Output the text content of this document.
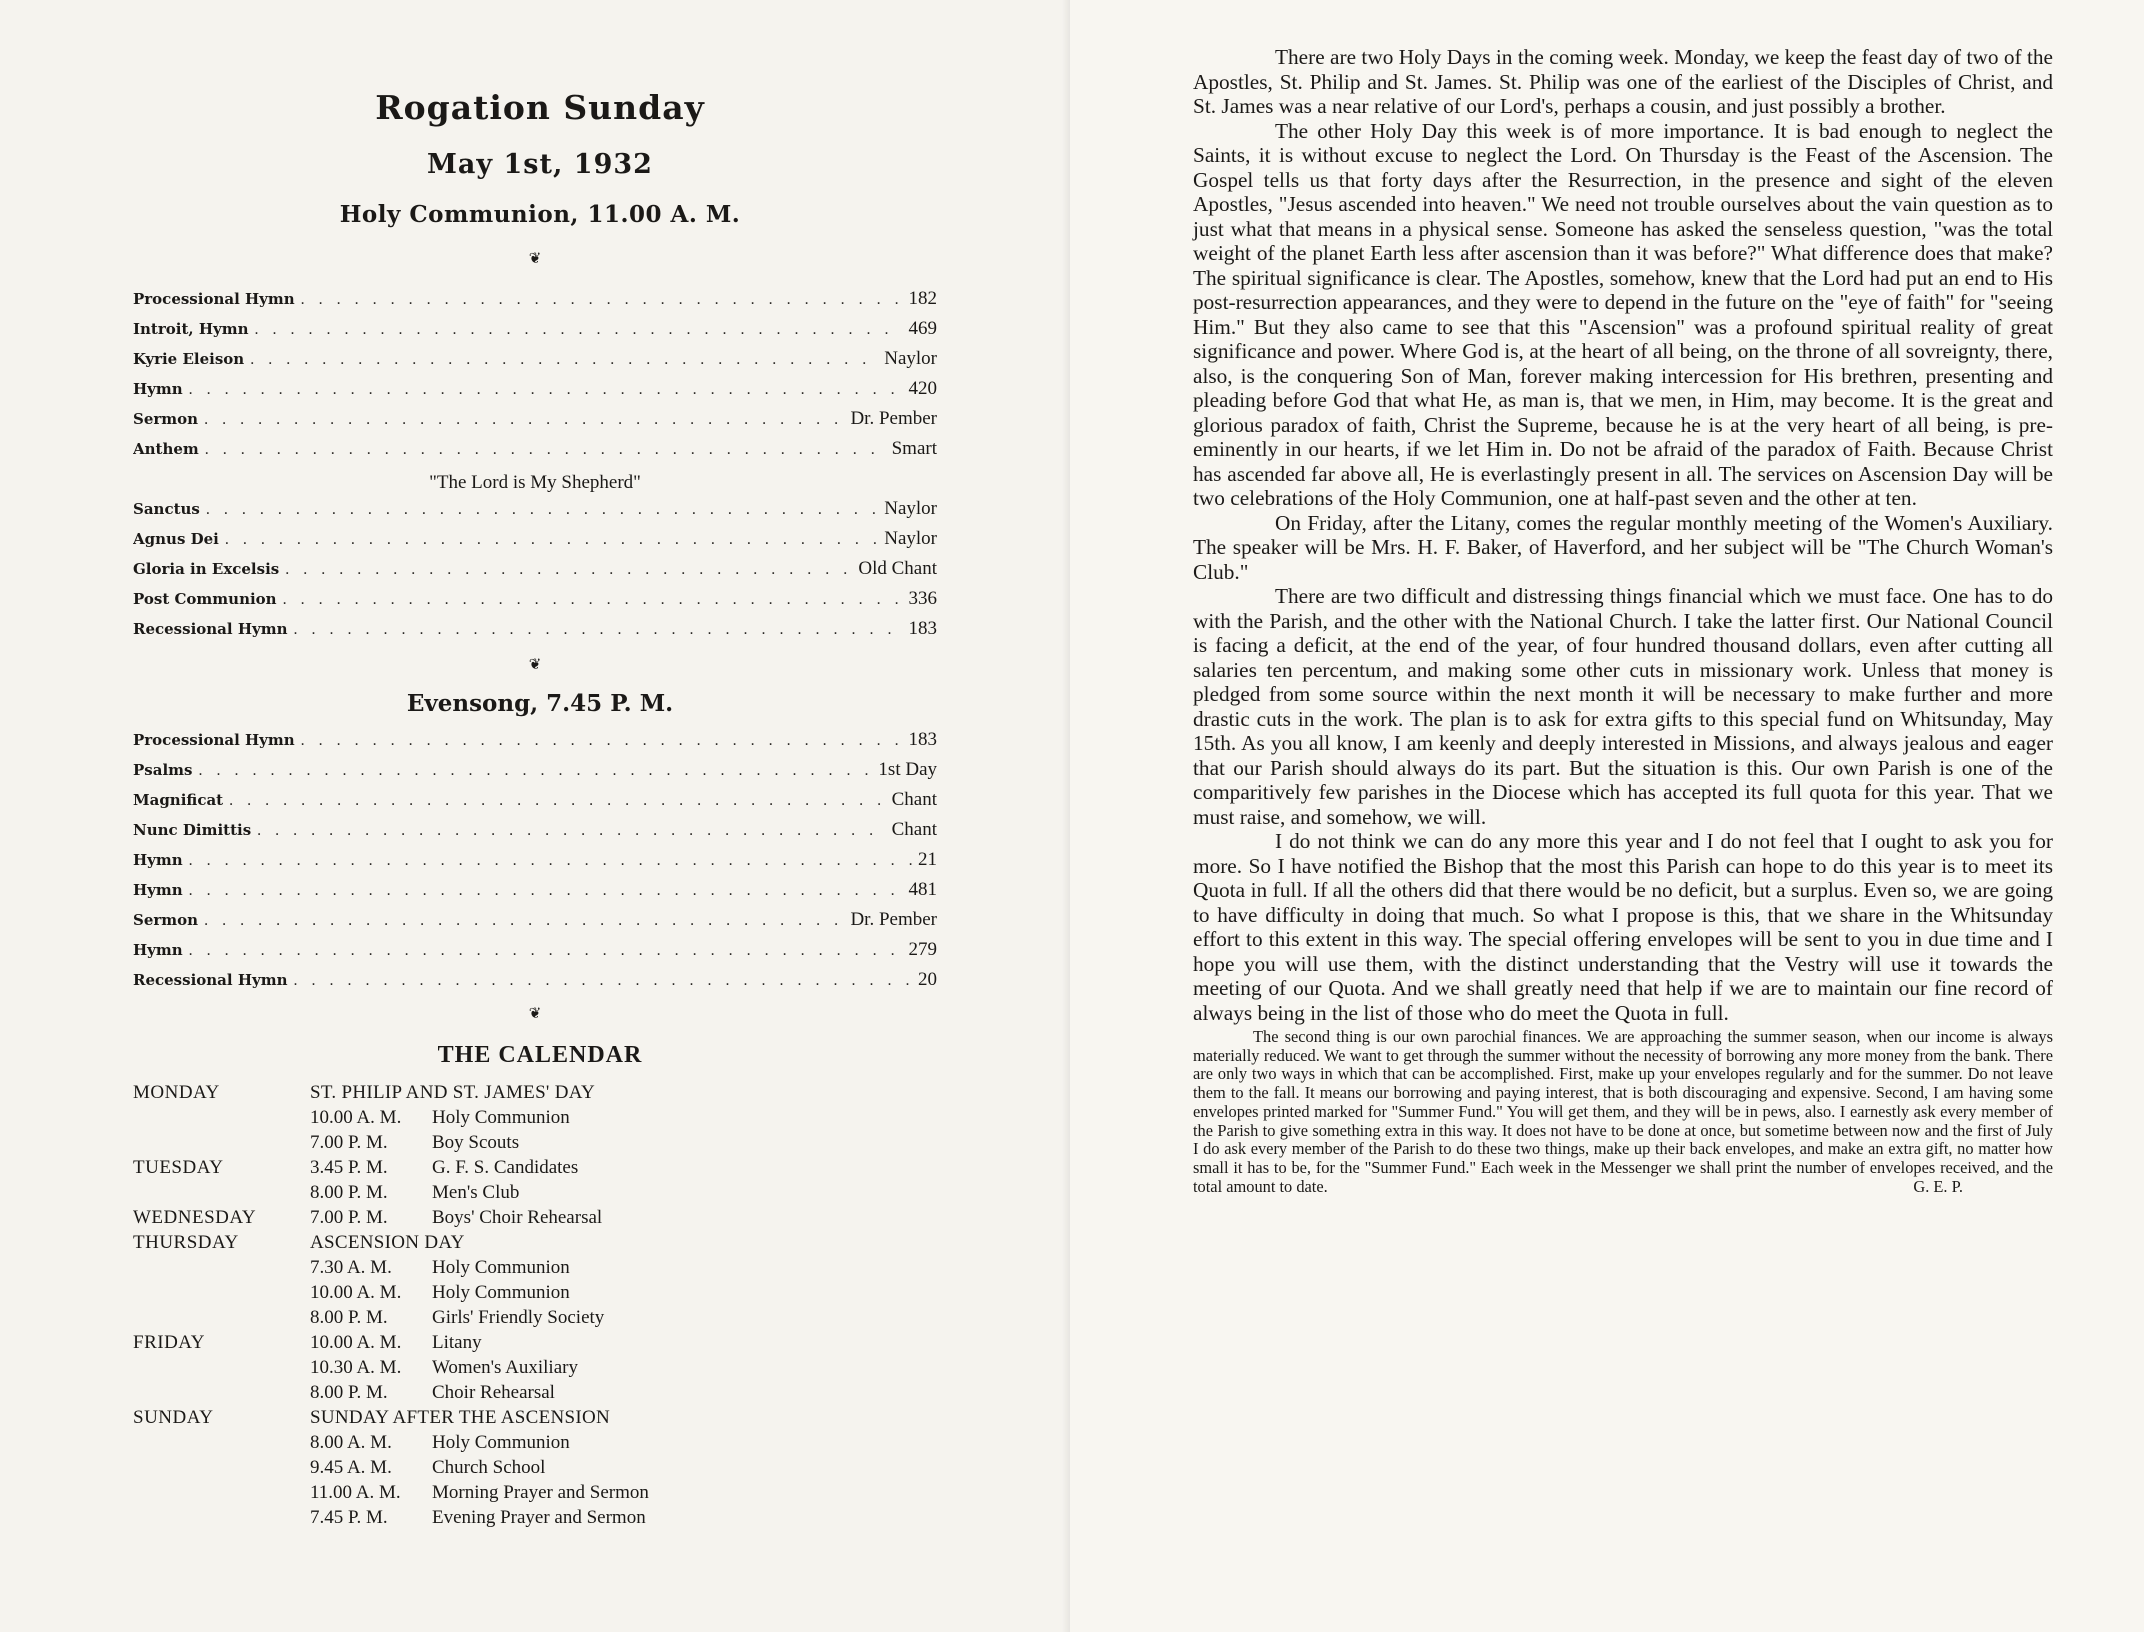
Rogation Sunday
May 1st, 1932
Holy Communion, 11.00 A. M.
❦
Processional Hymn . . .	182
Introit, Hymn . . .	469
Kyrie Eleison . . .	Naylor
Hymn . . .	420
Sermon . . .	Dr. Pember
Anthem . . .	Smart
"The Lord is My Shepherd"
Sanctus . . .	Naylor
Agnus Dei . . .	Naylor
Gloria in Excelsis . . .	Old Chant
Post Communion . . .	336
Recessional Hymn . . .	183
❦
Evensong, 7.45 P. M.
Processional Hymn . . .	183
Psalms . . .	1st Day
Magnificat . . .	Chant
Nunc Dimittis . . .	Chant
Hymn . . .	21
Hymn . . .	481
Sermon . . .	Dr. Pember
Hymn . . .	279
Recessional Hymn . . .	20
❦
THE CALENDAR
MONDAY	ST. PHILIP AND ST. JAMES' DAY
10.00 A. M.	Holy Communion
7.00 P. M.	Boy Scouts
TUESDAY	3.45 P. M.	G. F. S. Candidates
8.00 P. M.	Men's Club
WEDNESDAY	7.00 P. M.	Boys' Choir Rehearsal
THURSDAY	ASCENSION DAY
7.30 A. M.	Holy Communion
10.00 A. M.	Holy Communion
8.00 P. M.	Girls' Friendly Society
FRIDAY	10.00 A. M.	Litany
10.30 A. M.	Women's Auxiliary
8.00 P. M.	Choir Rehearsal
SUNDAY	SUNDAY AFTER THE ASCENSION
8.00 A. M.	Holy Communion
9.45 A. M.	Church School
11.00 A. M.	Morning Prayer and Sermon
7.45 P. M.	Evening Prayer and Sermon

There are two Holy Days in the coming week. Monday, we keep the feast day of two of the Apostles, St. Philip and St. James. St. Philip was one of the earliest of the Disciples of Christ, and St. James was a near relative of our Lord's, perhaps a cousin, and just possibly a brother.

The other Holy Day this week is of more importance. It is bad enough to neglect the Saints, it is without excuse to neglect the Lord. On Thursday is the Feast of the Ascension. The Gospel tells us that forty days after the Resurrection, in the presence and sight of the eleven Apostles, "Jesus ascended into heaven." We need not trouble ourselves about the vain question as to just what that means in a physical sense. Someone has asked the senseless question, "was the total weight of the planet Earth less after ascension than it was before?" What difference does that make? The spiritual significance is clear. The Apostles, somehow, knew that the Lord had put an end to His post-resurrection appearances, and they were to depend in the future on the "eye of faith" for "seeing Him." But they also came to see that this "Ascension" was a profound spiritual reality of great significance and power. Where God is, at the heart of all being, on the throne of all sovreignty, there, also, is the conquering Son of Man, forever making intercession for His brethren, presenting and pleading before God that what He, as man is, that we men, in Him, may become. It is the great and glorious paradox of faith, Christ the Supreme, because he is at the very heart of all being, is pre-eminently in our hearts, if we let Him in. Do not be afraid of the paradox of Faith. Because Christ has ascended far above all, He is everlastingly present in all. The services on Ascension Day will be two celebrations of the Holy Communion, one at half-past seven and the other at ten.

On Friday, after the Litany, comes the regular monthly meeting of the Women's Auxiliary. The speaker will be Mrs. H. F. Baker, of Haverford, and her subject will be "The Church Woman's Club."

There are two difficult and distressing things financial which we must face. One has to do with the Parish, and the other with the National Church. I take the latter first. Our National Council is facing a deficit, at the end of the year, of four hundred thousand dollars, even after cutting all salaries ten percentum, and making some other cuts in missionary work. Unless that money is pledged from some source within the next month it will be necessary to make further and more drastic cuts in the work. The plan is to ask for extra gifts to this special fund on Whitsunday, May 15th. As you all know, I am keenly and deeply interested in Missions, and always jealous and eager that our Parish should always do its part. But the situation is this. Our own Parish is one of the comparitively few parishes in the Diocese which has accepted its full quota for this year. That we must raise, and somehow, we will.

I do not think we can do any more this year and I do not feel that I ought to ask you for more. So I have notified the Bishop that the most this Parish can hope to do this year is to meet its Quota in full. If all the others did that there would be no deficit, but a surplus. Even so, we are going to have difficulty in doing that much. So what I propose is this, that we share in the Whitsunday effort to this extent in this way. The special offering envelopes will be sent to you in due time and I hope you will use them, with the distinct understanding that the Vestry will use it towards the meeting of our Quota. And we shall greatly need that help if we are to maintain our fine record of always being in the list of those who do meet the Quota in full.

The second thing is our own parochial finances. We are approaching the summer season, when our income is always materially reduced. We want to get through the summer without the necessity of borrowing any more money from the bank. There are only two ways in which that can be accomplished. First, make up your envelopes regularly and for the summer. Do not leave them to the fall. It means our borrowing and paying interest, that is both discouraging and expensive. Second, I am having some envelopes printed marked for "Summer Fund." You will get them, and they will be in pews, also. I earnestly ask every member of the Parish to give something extra in this way. It does not have to be done at once, but sometime between now and the first of July I do ask every member of the Parish to do these two things, make up their back envelopes, and make an extra gift, no matter how small it has to be, for the "Summer Fund." Each week in the Messenger we shall print the number of envelopes received, and the total amount to date.	G. E. P.
